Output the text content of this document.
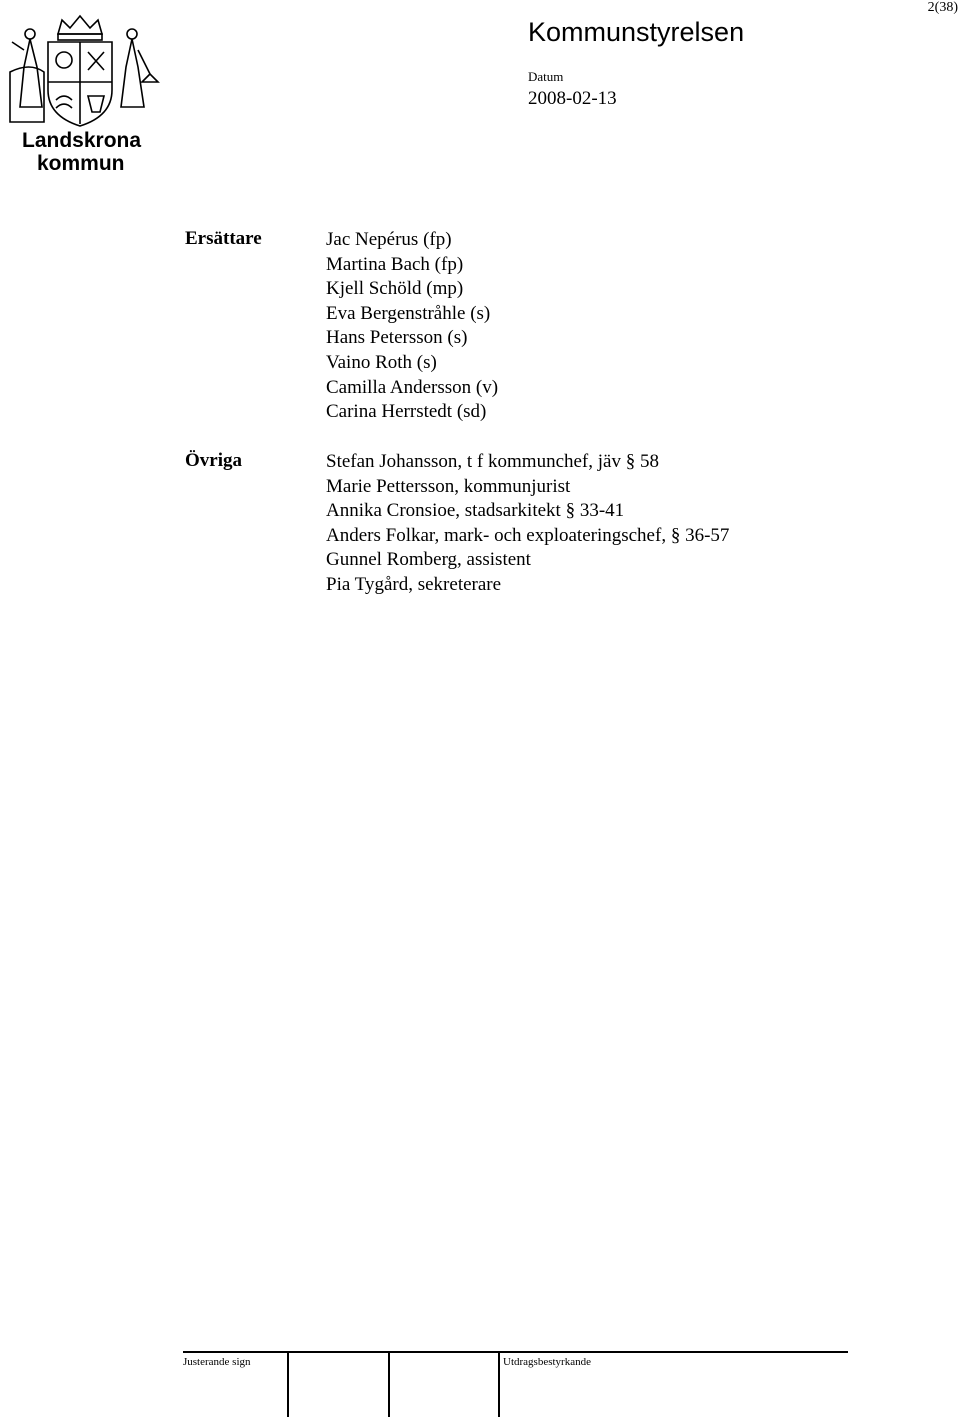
2(38)
Landskrona
kommun
Kommunstyrelsen
Datum
2008-02-13
Ersättare	Jac Nepérus (fp)
Martina Bach (fp)
Kjell Schöld (mp)
Eva Bergenstråhle (s)
Hans Petersson (s)
Vaino Roth (s)
Camilla Andersson (v)
Carina Herrstedt (sd)
Övriga	Stefan Johansson, t f kommunchef, jäv § 58
Marie Pettersson, kommunjurist
Annika Cronsioe, stadsarkitekt § 33-41
Anders Folkar, mark- och exploateringschef, § 36-57
Gunnel Romberg, assistent
Pia Tygård, sekreterare
Justerande sign	Utdragsbestyrkande
